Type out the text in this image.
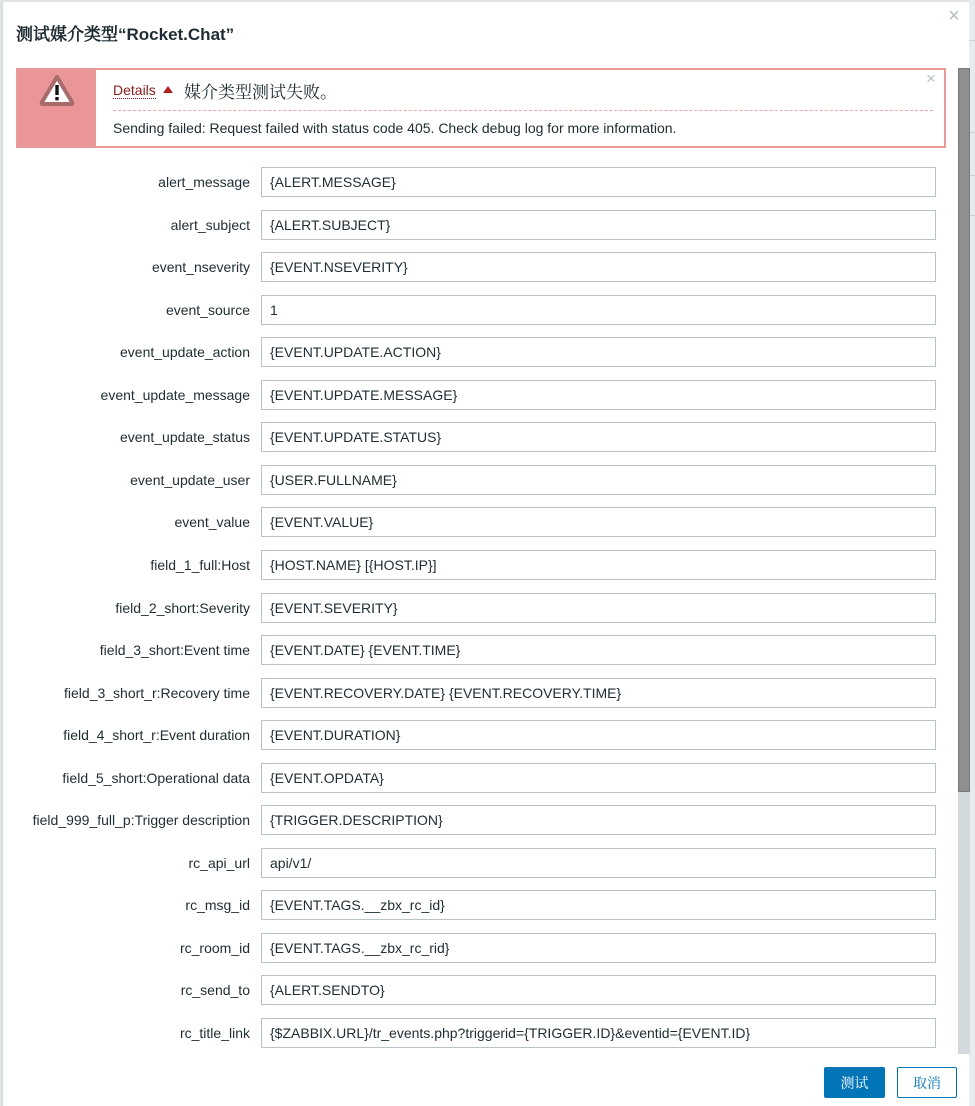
测试媒介类型“Rocket.Chat”
×
Details 媒介类型测试失败。
Sending failed: Request failed with status code 405. Check debug log for more information.
×
alert_message
{ALERT.MESSAGE}
alert_subject
{ALERT.SUBJECT}
event_nseverity
{EVENT.NSEVERITY}
event_source
1
event_update_action
{EVENT.UPDATE.ACTION}
event_update_message
{EVENT.UPDATE.MESSAGE}
event_update_status
{EVENT.UPDATE.STATUS}
event_update_user
{USER.FULLNAME}
event_value
{EVENT.VALUE}
field_1_full:Host
{HOST.NAME} [{HOST.IP}]
field_2_short:Severity
{EVENT.SEVERITY}
field_3_short:Event time
{EVENT.DATE} {EVENT.TIME}
field_3_short_r:Recovery time
{EVENT.RECOVERY.DATE} {EVENT.RECOVERY.TIME}
field_4_short_r:Event duration
{EVENT.DURATION}
field_5_short:Operational data
{EVENT.OPDATA}
field_999_full_p:Trigger description
{TRIGGER.DESCRIPTION}
rc_api_url
api/v1/
rc_msg_id
{EVENT.TAGS.__zbx_rc_id}
rc_room_id
{EVENT.TAGS.__zbx_rc_rid}
rc_send_to
{ALERT.SENDTO}
rc_title_link
{$ZABBIX.URL}/tr_events.php?triggerid={TRIGGER.ID}&eventid={EVENT.ID}
测试	取消
